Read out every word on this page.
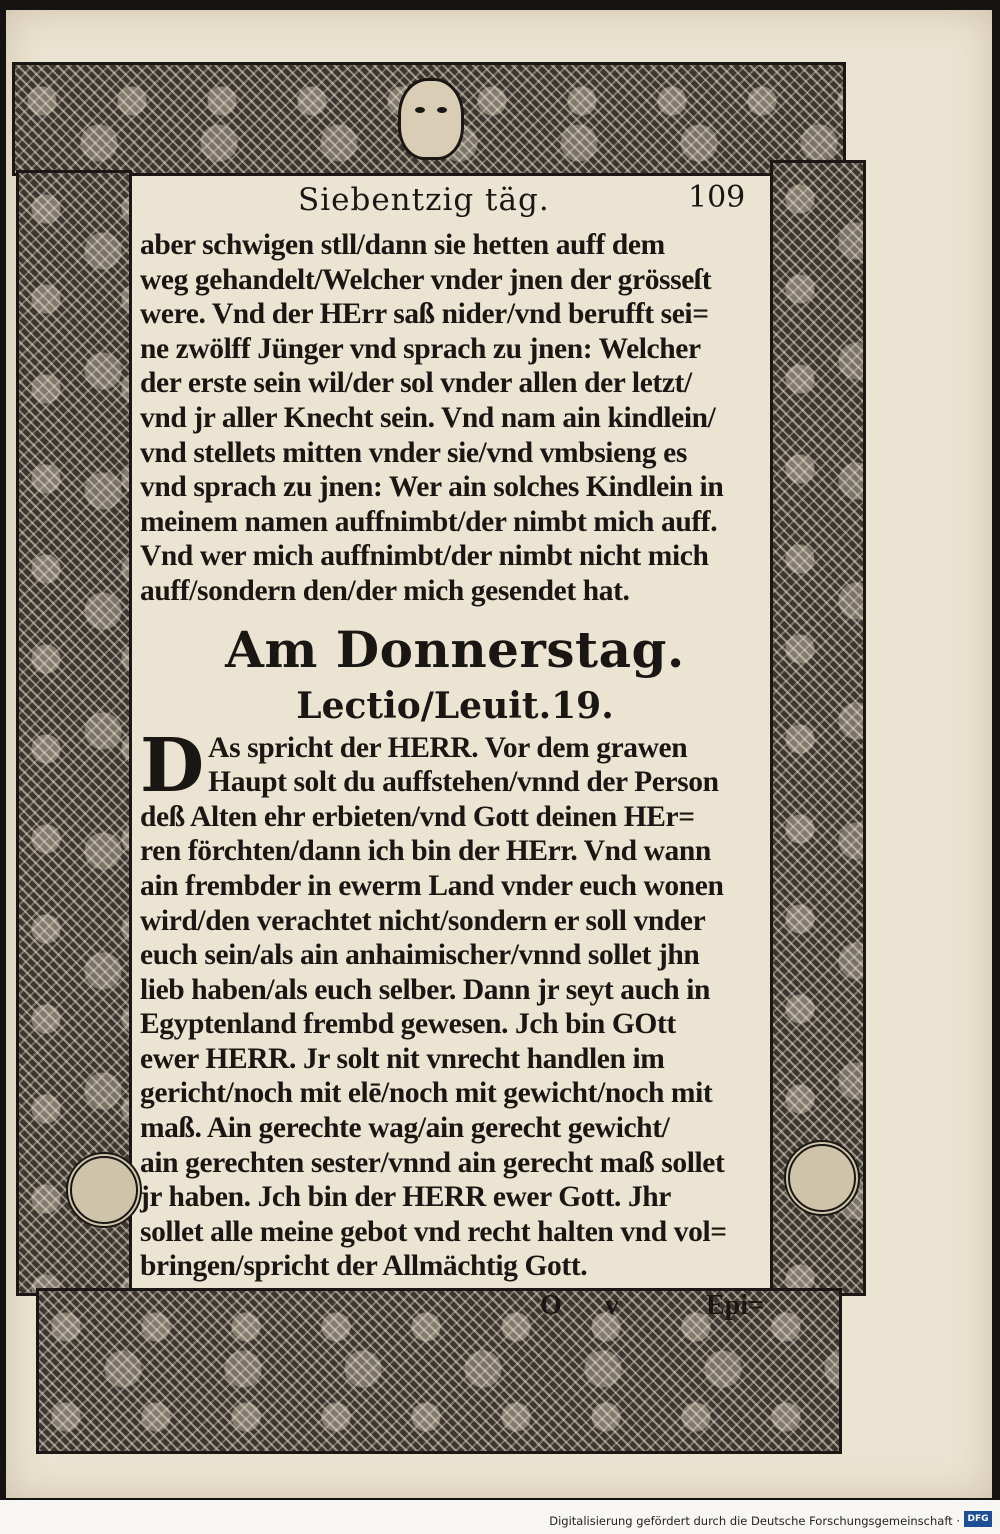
Siebentzig täg.	109
aber schwigen stll/dann sie hetten auff dem
weg gehandelt/Welcher vnder jnen der grösseſt
were. Vnd der HErr saß nider/vnd berufft sei=
ne zwölff Jünger vnd sprach zu jnen: Welcher
der erste sein wil/der sol vnder allen der letzt/
vnd jr aller Knecht sein. Vnd nam ain kindlein/
vnd stellets mitten vnder sie/vnd vmbsieng es
vnd sprach zu jnen: Wer ain solches Kindlein in
meinem namen auffnimbt/der nimbt mich auff.
Vnd wer mich auffnimbt/der nimbt nicht mich
auff/sondern den/der mich gesendet hat.
Am Donnerstag.
Lectio/Leuit.19.
D As spricht der HERR. Vor dem grawen
Haupt solt du auffstehen/vnnd der Person
deß Alten ehr erbieten/vnd Gott deinen HEr=
ren förchten/dann ich bin der HErr. Vnd wann
ain frembder in ewerm Land vnder euch wonen
wird/den verachtet nicht/sondern er soll vnder
euch sein/als ain anhaimischer/vnnd sollet jhn
lieb haben/als euch selber. Dann jr seyt auch in
Egyptenland frembd gewesen. Jch bin GOtt
ewer HERR. Jr solt nit vnrecht handlen im
gericht/noch mit elē/noch mit gewicht/noch mit
maß. Ain gerechte wag/ain gerecht gewicht/
ain gerechten sester/vnnd ain gerecht maß sollet
jr haben. Jch bin der HERR ewer Gott. Jhr
sollet alle meine gebot vnd recht halten vnd vol=
bringen/spricht der Allmächtig Gott.
O v Epi=
Digitalisierung gefördert durch die Deutsche Forschungsgemeinschaft · DFG
